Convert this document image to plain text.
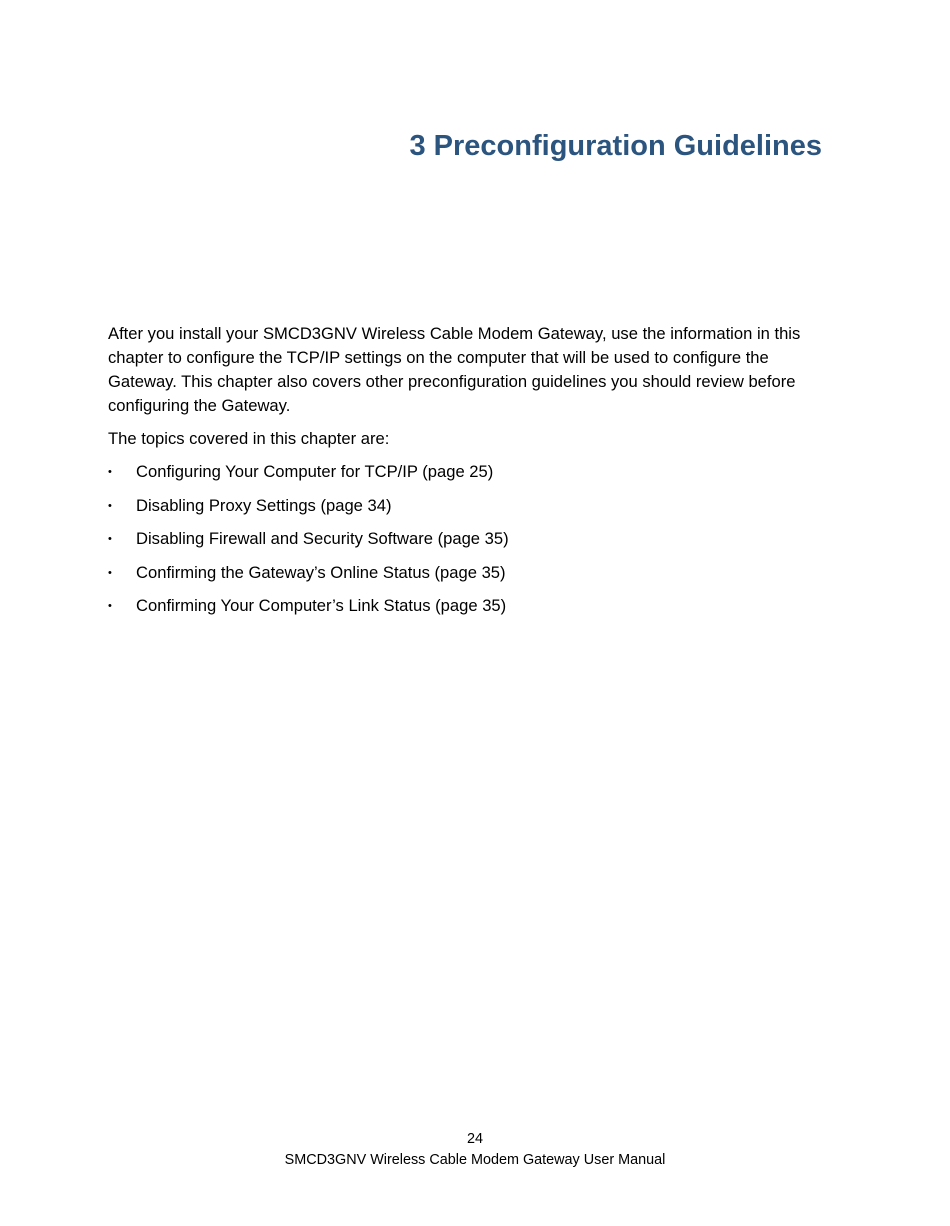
3 Preconfiguration Guidelines

After you install your SMCD3GNV Wireless Cable Modem Gateway, use the information in this chapter to configure the TCP/IP settings on the computer that will be used to configure the Gateway. This chapter also covers other preconfiguration guidelines you should review before configuring the Gateway.

The topics covered in this chapter are:

• Configuring Your Computer for TCP/IP (page 25)
• Disabling Proxy Settings (page 34)
• Disabling Firewall and Security Software (page 35)
• Confirming the Gateway’s Online Status (page 35)
• Confirming Your Computer’s Link Status (page 35)
24
SMCD3GNV Wireless Cable Modem Gateway User Manual
